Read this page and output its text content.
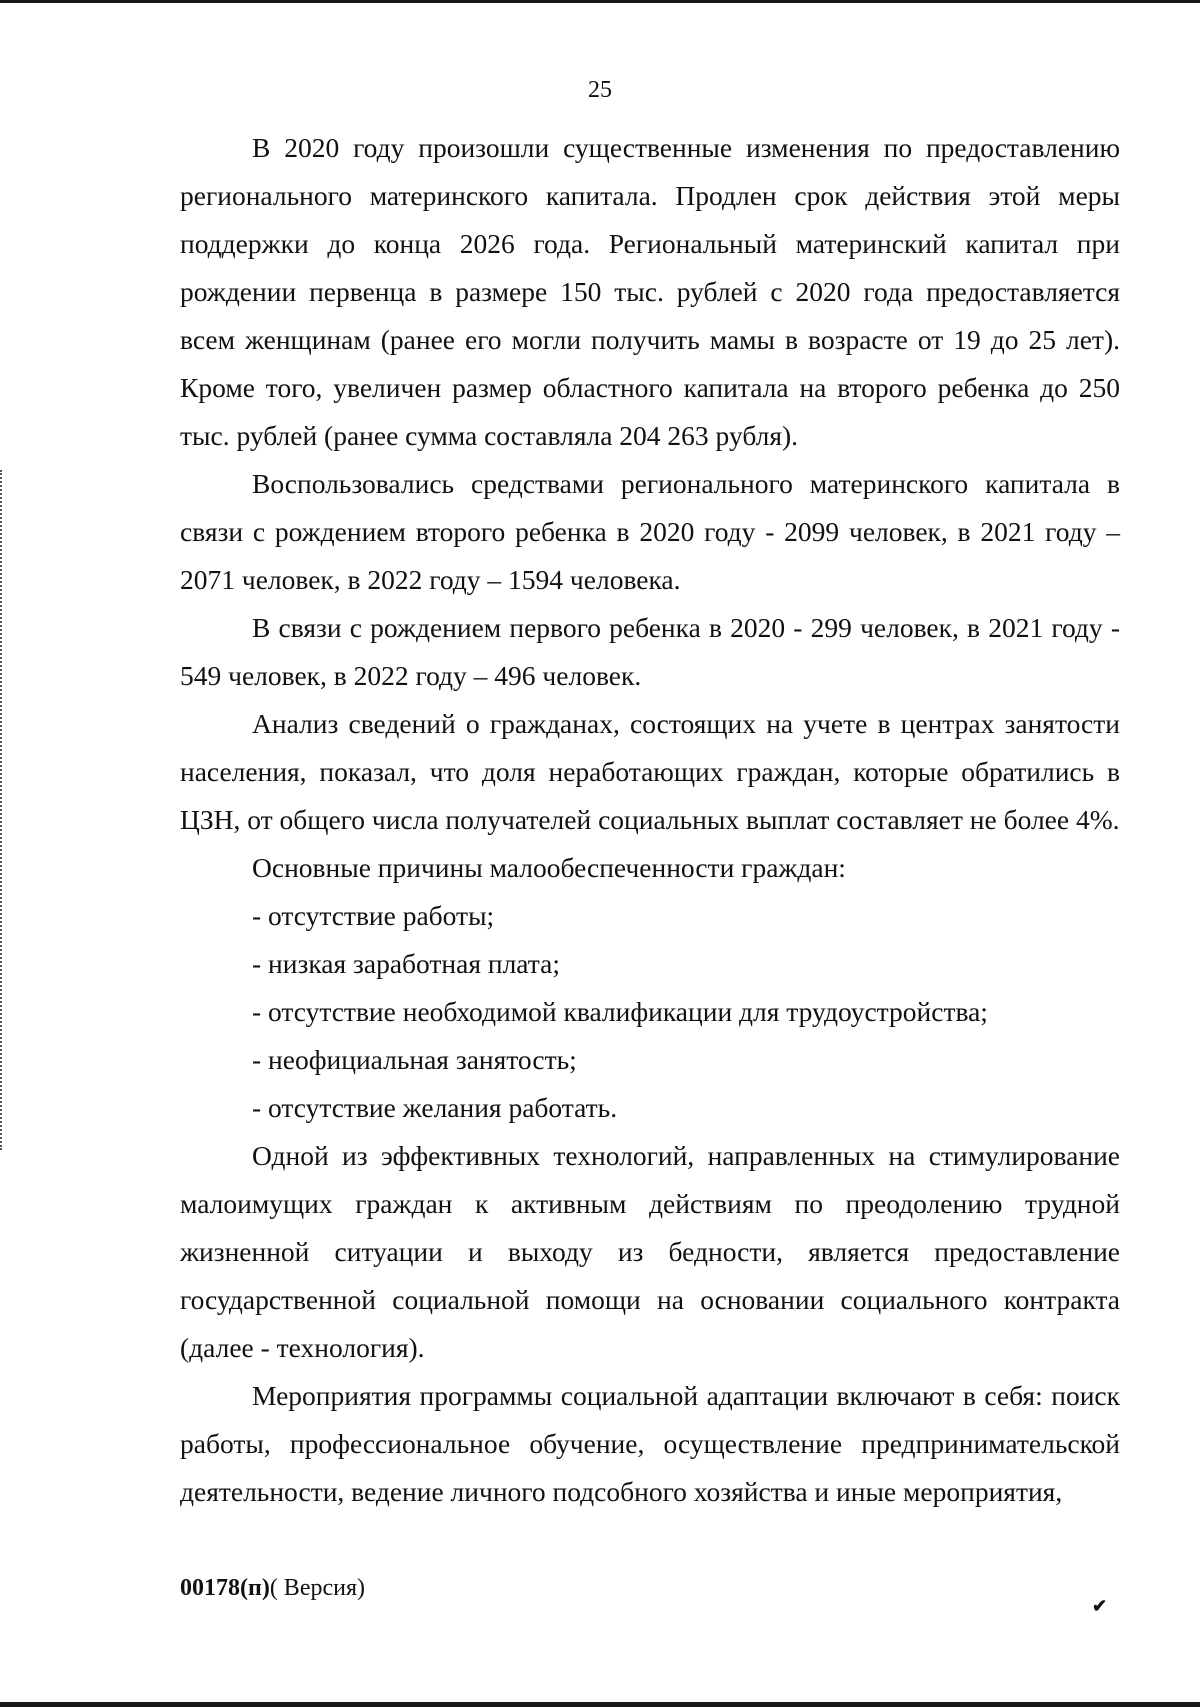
25

В 2020 году произошли существенные изменения по предоставлению регионального материнского капитала. Продлен срок действия этой меры поддержки до конца 2026 года. Региональный материнский капитал при рождении первенца в размере 150 тыс. рублей с 2020 года предоставляется всем женщинам (ранее его могли получить мамы в возрасте от 19 до 25 лет). Кроме того, увеличен размер областного капитала на второго ребенка до 250 тыс. рублей (ранее сумма составляла 204 263 рубля).

Воспользовались средствами регионального материнского капитала в связи с рождением второго ребенка в 2020 году - 2099 человек, в 2021 году – 2071 человек, в 2022 году – 1594 человека.

В связи с рождением первого ребенка в 2020 - 299 человек, в 2021 году - 549 человек, в 2022 году – 496 человек.

Анализ сведений о гражданах, состоящих на учете в центрах занятости населения, показал, что доля неработающих граждан, которые обратились в ЦЗН, от общего числа получателей социальных выплат составляет не более 4%.

Основные причины малообеспеченности граждан:

- отсутствие работы;

- низкая заработная плата;

- отсутствие необходимой квалификации для трудоустройства;

- неофициальная занятость;

- отсутствие желания работать.

Одной из эффективных технологий, направленных на стимулирование малоимущих граждан к активным действиям по преодолению трудной жизненной ситуации и выходу из бедности, является предоставление государственной социальной помощи на основании социального контракта (далее - технология).

Мероприятия программы социальной адаптации включают в себя: поиск работы, профессиональное обучение, осуществление предпринимательской деятельности, ведение личного подсобного хозяйства и иные мероприятия,

00178(п)( Версия)
✔
